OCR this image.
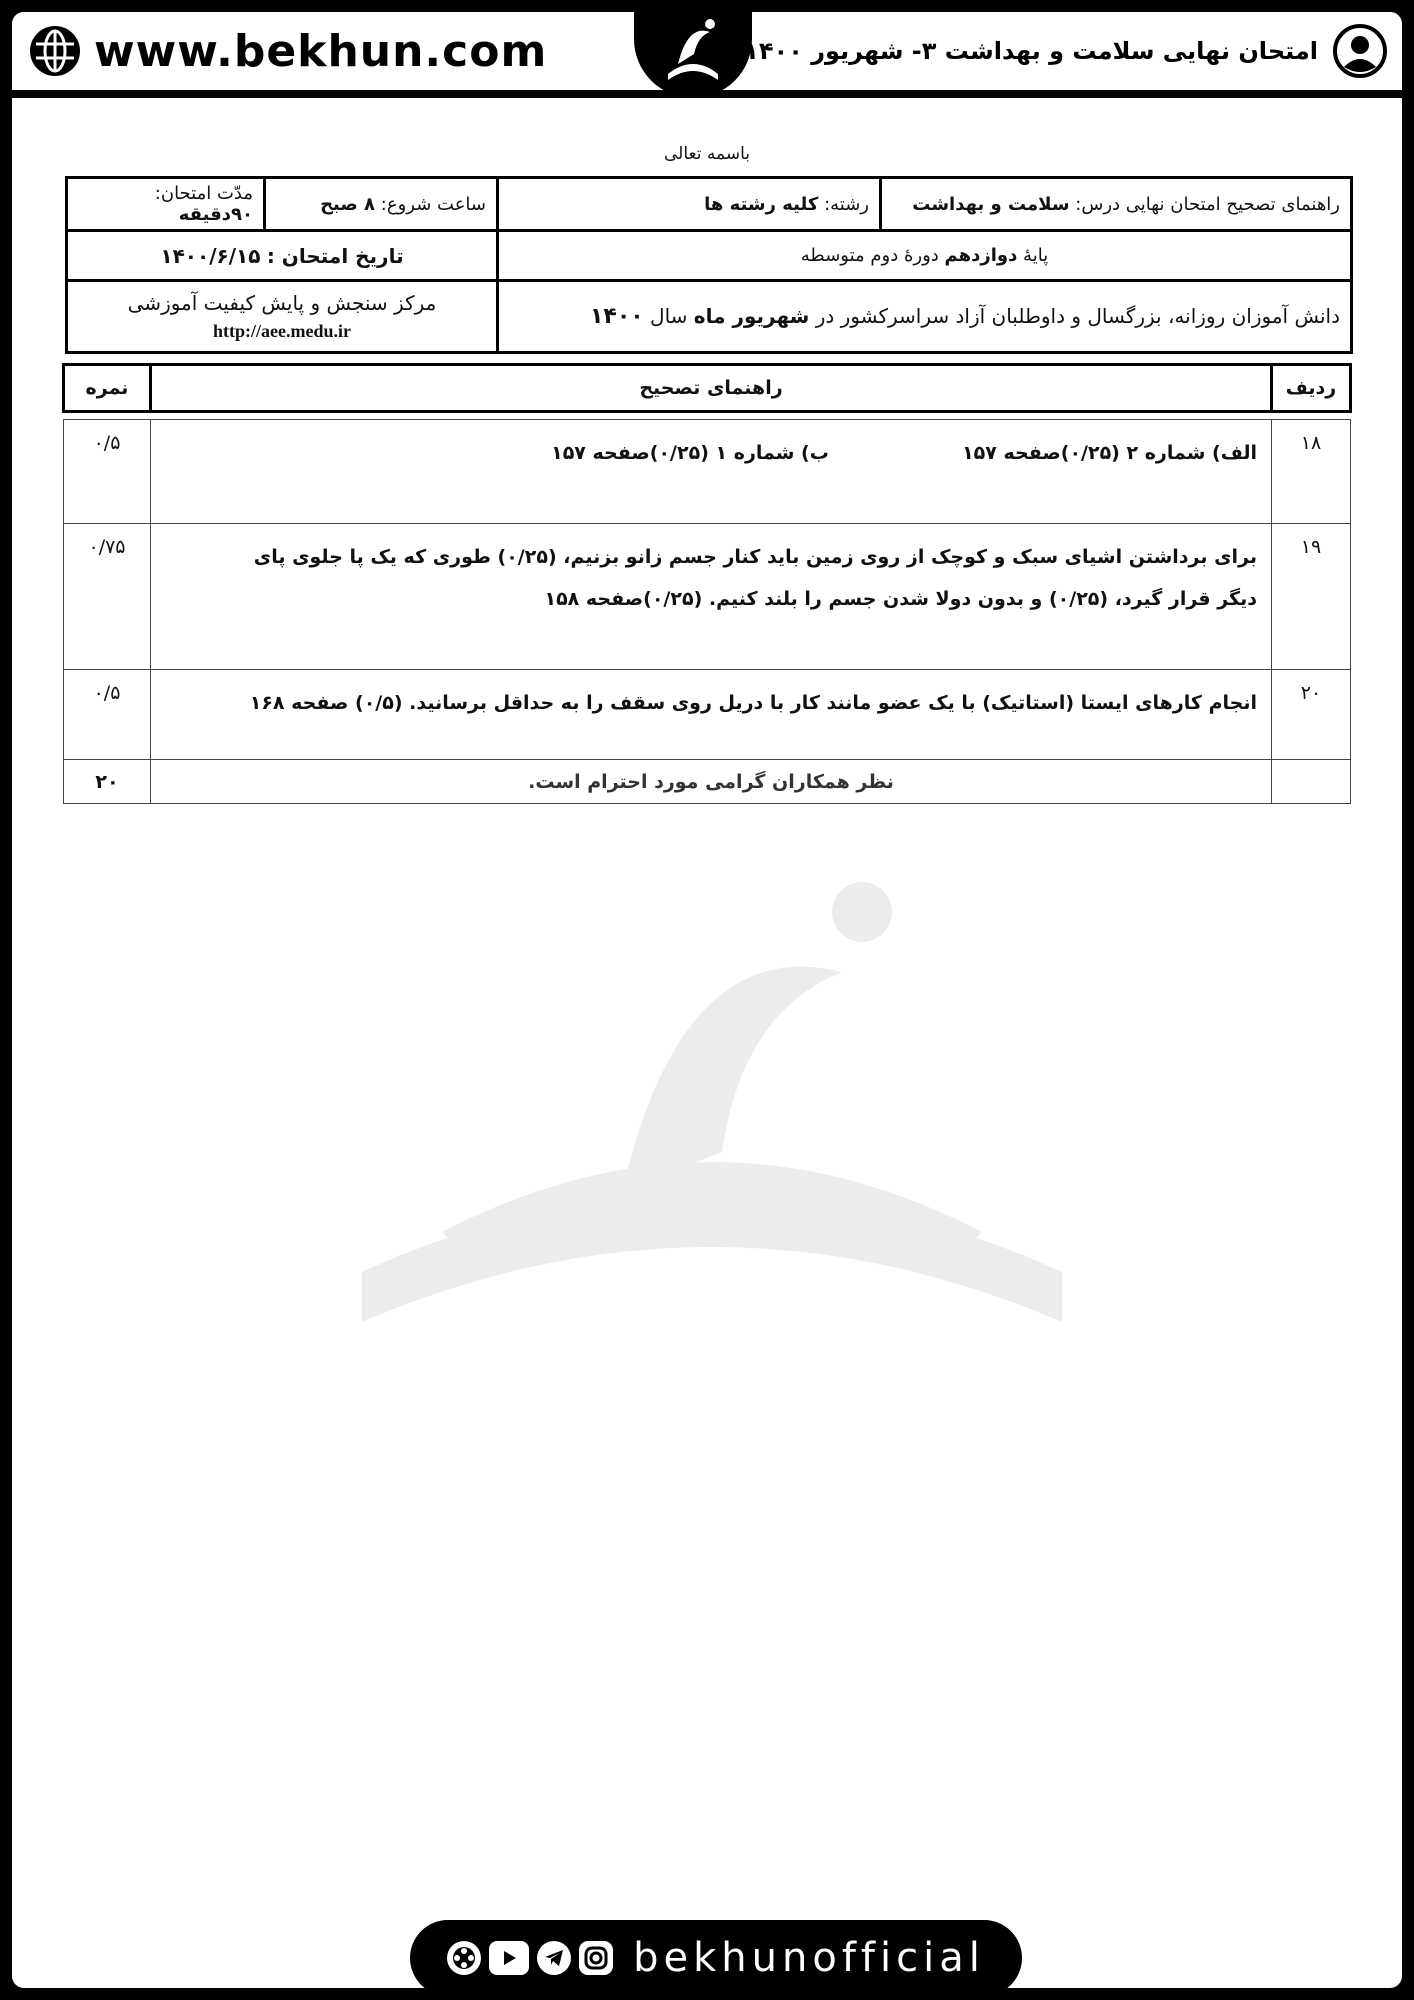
www.bekhun.com	امتحان نهایی سلامت و بهداشت ۳- شهریور ۱۴۰۰
باسمه تعالی
راهنمای تصحیح امتحان نهایی درس: سلامت و بهداشت	رشته: کلیه رشته ها	ساعت شروع: ۸ صبح	مدّت امتحان: ۹۰دقیقه
پایهٔ دوازدهم دورهٔ دوم متوسطه		تاریخ امتحان : ۱۴۰۰/۶/۱۵	
دانش آموزان روزانه، بزرگسال و داوطلبان آزاد سراسرکشور در شهریور ماه سال ۱۴۰۰		مرکز سنجش و پایش کیفیت آموزشی
http://aee.medu.ir	
ردیف	راهنمای تصحیح	نمره

۱۸	الف) شماره ۲ (۰/۲۵)صفحه ۱۵۷  ب) شماره ۱ (۰/۲۵)صفحه ۱۵۷	۰/۵
۱۹	برای برداشتن اشیای سبک و کوچک از روی زمین باید کنار جسم زانو بزنیم، (۰/۲۵) طوری که یک پا جلوی پای
دیگر قرار گیرد، (۰/۲۵) و بدون دولا شدن جسم را بلند کنیم. (۰/۲۵)صفحه ۱۵۸	۰/۷۵
۲۰	انجام کارهای ایستا (استاتیک) با یک عضو مانند کار با دریل روی سقف را به حداقل برسانید. (۰/۵) صفحه ۱۶۸	۰/۵
	نظر همکاران گرامی مورد احترام است.	۲۰
bekhunofficial
